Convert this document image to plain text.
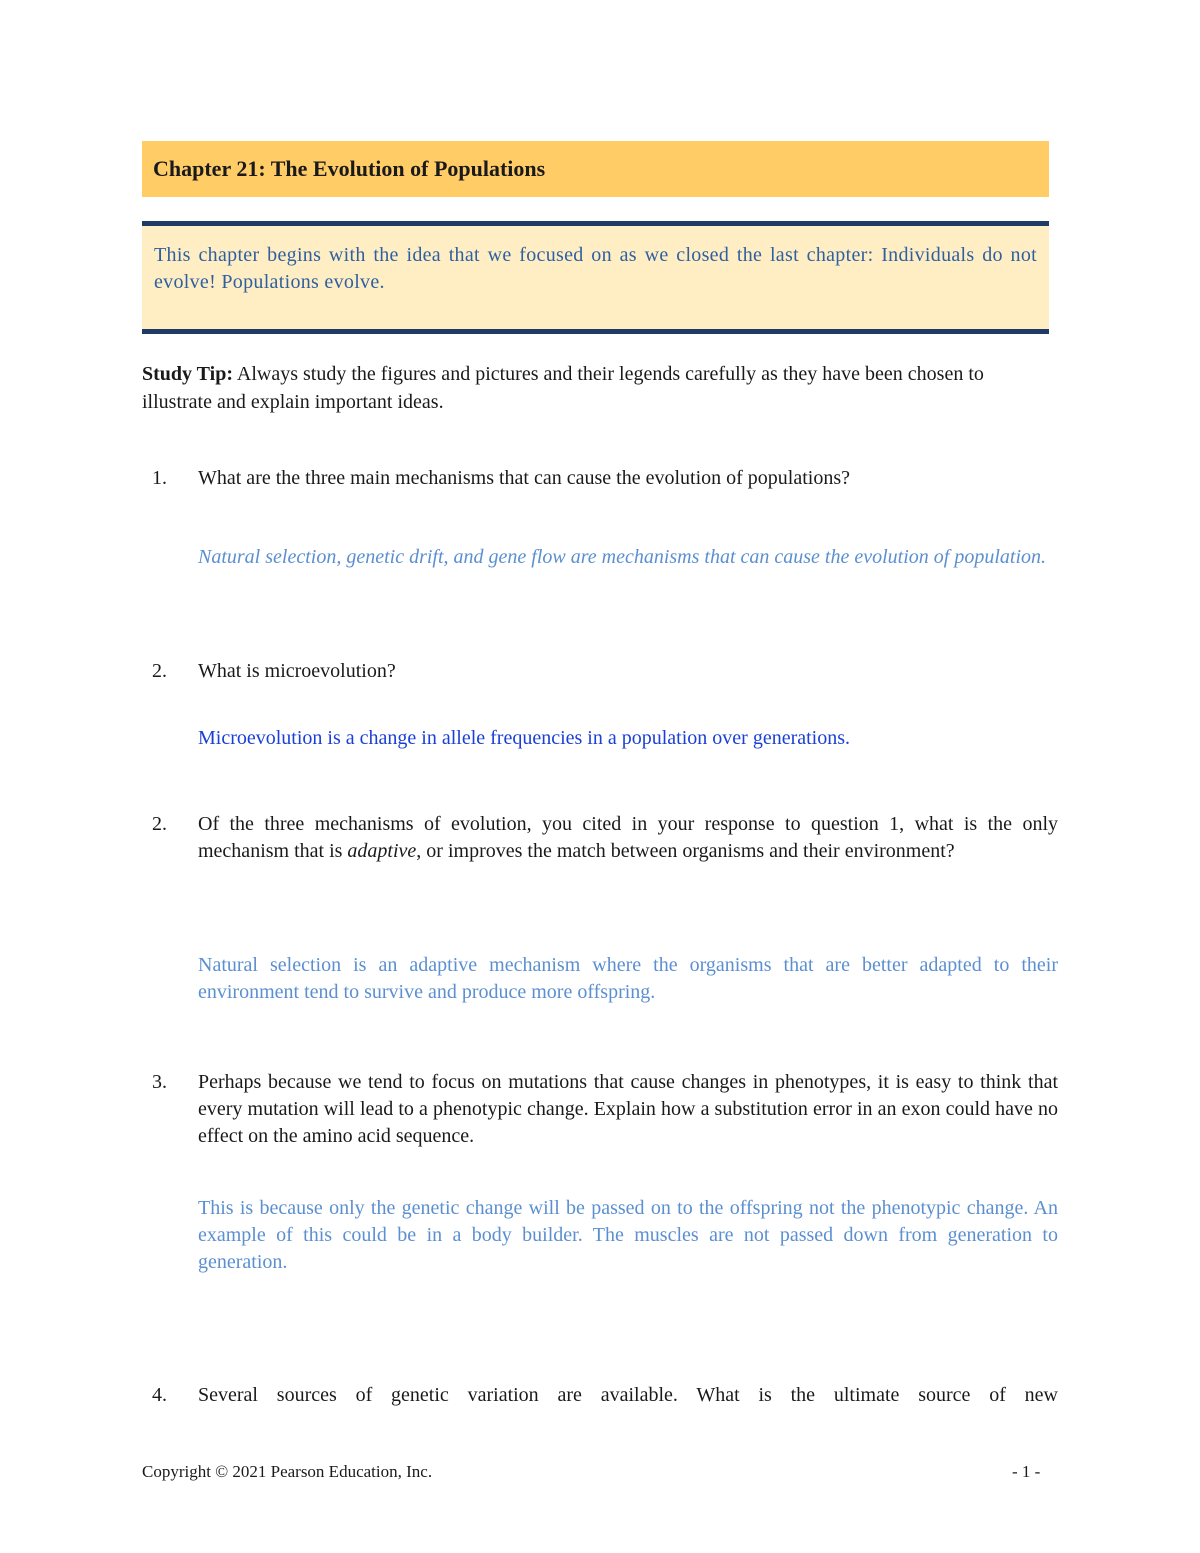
Chapter 21: The Evolution of Populations
This chapter begins with the idea that we focused on as we closed the last chapter: Individuals do not evolve! Populations evolve.
Study Tip: Always study the figures and pictures and their legends carefully as they have been chosen to illustrate and explain important ideas.
1. What are the three main mechanisms that can cause the evolution of populations?
Natural selection, genetic drift, and gene flow are mechanisms that can cause the evolution of population.
2. What is microevolution?
Microevolution is a change in allele frequencies in a population over generations.
2. Of the three mechanisms of evolution, you cited in your response to question 1, what is the only mechanism that is adaptive, or improves the match between organisms and their environment?
Natural selection is an adaptive mechanism where the organisms that are better adapted to their environment tend to survive and produce more offspring.
3. Perhaps because we tend to focus on mutations that cause changes in phenotypes, it is easy to think that every mutation will lead to a phenotypic change. Explain how a substitution error in an exon could have no effect on the amino acid sequence.
This is because only the genetic change will be passed on to the offspring not the phenotypic change. An example of this could be in a body builder. The muscles are not passed down from generation to generation.
4. Several sources of genetic variation are available. What is the ultimate source of new
Copyright © 2021 Pearson Education, Inc.	- 1 -
